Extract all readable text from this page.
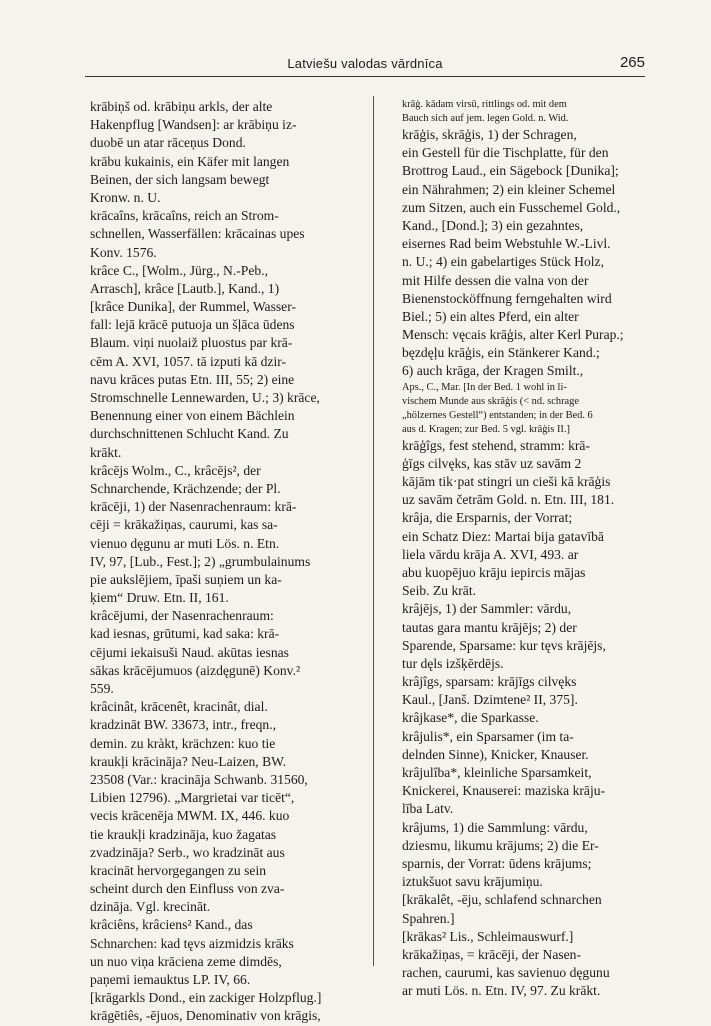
Latviešu valodas vārdnīca	265
krābiņš od. krābiņu arkls, der alte
Hakenpflug [Wandsen]: ar krābiņu iz-
duobē un atar rāceņus Dond.
krābu kukainis, ein Käfer mit langen
Beinen, der sich langsam bewegt
Kronw. n. U.
krācaîns, krācaîns, reich an Strom-
schnellen, Wasserfällen: krācainas upes
Konv. 1576.
krâce C., [Wolm., Jürg., N.-Peb.,
Arrasch], krâce [Lautb.], Kand., 1)
[krâce Dunika], der Rummel, Wasser-
fall: lejā krācē putuoja un šļāca ūdens
Blaum. viņi nuolaiž pluostus par krā-
cēm A. XVI, 1057. tā izputi kā dzir-
navu krāces putas Etn. III, 55; 2) eine
Stromschnelle Lennewarden, U.; 3) krāce,
Benennung einer von einem Bächlein
durchschnittenen Schlucht Kand. Zu
krākt.
krâcējs Wolm., C., krâcējs², der
Schnarchende, Krächzende; der Pl.
krācēji, 1) der Nasenrachenraum: krā-
cēji = krākažiņas, caurumi, kas sa-
vienuo dęgunu ar muti Lös. n. Etn.
IV, 97, [Lub., Fest.]; 2) „grumbulainums
pie aukslējiem, īpaši suņiem un ka-
ķiem“ Druw. Etn. II, 161.
krâcējumi, der Nasenrachenraum:
kad iesnas, grūtumi, kad saka: krā-
cējumi iekaisuši Naud. akūtas iesnas
sākas krācējumuos (aizdęgunē) Konv.²
559.
krâcinât, krācenêt, kracinât, dial.
kradzināt BW. 33673, intr., freqn.,
demin. zu kràkt, krächzen: kuo tie
kraukļi krācināja? Neu-Laizen, BW.
23508 (Var.: kracināja Schwanb. 31560,
Libien 12796). „Margrietai var ticēt“,
vecis krācenēja MWM. IX, 446. kuo
tie kraukļi kradzināja, kuo žagatas
zvadzināja? Serb., wo kradzināt aus
kracināt hervorgegangen zu sein
scheint durch den Einfluss von zva-
dzināja. Vgl. krecināt.
krâciêns, krâciens² Kand., das
Schnarchen: kad tęvs aizmidzis krāks
un nuo viņa krāciena zeme dimdēs,
paņemi iemauktus LP. IV, 66.
[krāgarkls Dond., ein zackiger Holzpflug.]
krāgētiês, -ējuos, Denominativ von krāgis,
krāģ. kādam virsū, rittlings od. mit dem
Bauch sich auf jem. legen Gold. n. Wid.
krāģis, skrāģis, 1) der Schragen,
ein Gestell für die Tischplatte, für den
Brottrog Laud., ein Sägebock [Dunika];
ein Nährahmen; 2) ein kleiner Schemel
zum Sitzen, auch ein Fusschemel Gold.,
Kand., [Dond.]; 3) ein gezahntes,
eisernes Rad beim Webstuhle W.-Livl.
n. U.; 4) ein gabelartiges Stück Holz,
mit Hilfe dessen die valna von der
Bienenstocköffnung ferngehalten wird
Biel.; 5) ein altes Pferd, ein alter
Mensch: vęcais krāģis, alter Kerl Purap.;
bęzdęļu krāģis, ein Stänkerer Kand.;
6) auch krāga, der Kragen Smilt.,
Aps., C., Mar. [In der Bed. 1 wohl in li-
vischem Munde aus skrāģis (< nd. schrage
„hölzernes Gestell“) entstanden; in der Bed. 6
aus d. Kragen; zur Bed. 5 vgl. krāģis II.]
krāģîgs, fest stehend, stramm: krā-
ģīgs cilvęks, kas stāv uz savām 2
kājām tik·pat stingri un cieši kā krāģis
uz savām četrām Gold. n. Etn. III, 181.
krâja, die Ersparnis, der Vorrat;
ein Schatz Diez: Martai bija gatavībā
liela vārdu krāja A. XVI, 493. ar
abu kuopējuo krāju iepircis mājas
Seib. Zu krāt.
krâjējs, 1) der Sammler: vārdu,
tautas gara mantu krājējs; 2) der
Sparende, Sparsame: kur tęvs krājējs,
tur dęls izšķērdējs.
krâjîgs, sparsam: krājīgs cilvęks
Kaul., [Janš. Dzimtene² II, 375].
krâjkase*, die Sparkasse.
krâjulis*, ein Sparsamer (im ta-
delnden Sinne), Knicker, Knauser.
krâjulîba*, kleinliche Sparsamkeit,
Knickerei, Knauserei: maziska krāju-
lība Latv.
krâjums, 1) die Sammlung: vārdu,
dziesmu, likumu krājums; 2) die Er-
sparnis, der Vorrat: ūdens krājums;
iztukšuot savu krājumiņu.
[krākalêt, -ēju, schlafend schnarchen
Spahren.]
[krākas² Lis., Schleimauswurf.]
krākažiņas, = krācēji, der Nasen-
rachen, caurumi, kas savienuo dęgunu
ar muti Lös. n. Etn. IV, 97. Zu krākt.
